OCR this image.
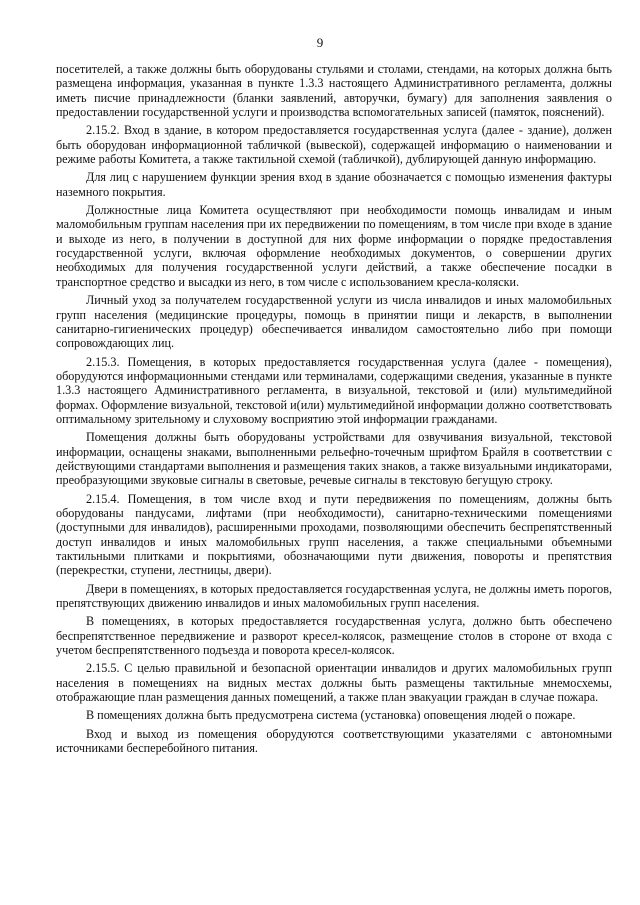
9

посетителей, а также должны быть оборудованы стульями и столами, стендами, на которых должна быть размещена информация, указанная в пункте 1.3.3 настоящего Административного регламента, должны иметь писчие принадлежности (бланки заявлений, авторучки, бумагу) для заполнения заявления о предоставлении государственной услуги и производства вспомогательных записей (памяток, пояснений).

2.15.2. Вход в здание, в котором предоставляется государственная услуга (далее - здание), должен быть оборудован информационной табличкой (вывеской), содержащей информацию о наименовании и режиме работы Комитета, а также тактильной схемой (табличкой), дублирующей данную информацию.

Для лиц с нарушением функции зрения вход в здание обозначается с помощью изменения фактуры наземного покрытия.

Должностные лица Комитета осуществляют при необходимости помощь инвалидам и иным маломобильным группам населения при их передвижении по помещениям, в том числе при входе в здание и выходе из него, в получении в доступной для них форме информации о порядке предоставления государственной услуги, включая оформление необходимых документов, о совершении других необходимых для получения государственной услуги действий, а также обеспечение посадки в транспортное средство и высадки из него, в том числе с использованием кресла-коляски.

Личный уход за получателем государственной услуги из числа инвалидов и иных маломобильных групп населения (медицинские процедуры, помощь в принятии пищи и лекарств, в выполнении санитарно-гигиенических процедур) обеспечивается инвалидом самостоятельно либо при помощи сопровождающих лиц.

2.15.3. Помещения, в которых предоставляется государственная услуга (далее - помещения), оборудуются информационными стендами или терминалами, содержащими сведения, указанные в пункте 1.3.3 настоящего Административного регламента, в визуальной, текстовой и (или) мультимедийной формах. Оформление визуальной, текстовой и(или) мультимедийной информации должно соответствовать оптимальному зрительному и слуховому восприятию этой информации гражданами.

Помещения должны быть оборудованы устройствами для озвучивания визуальной, текстовой информации, оснащены знаками, выполненными рельефно-точечным шрифтом Брайля в соответствии с действующими стандартами выполнения и размещения таких знаков, а также визуальными индикаторами, преобразующими звуковые сигналы в световые, речевые сигналы в текстовую бегущую строку.

2.15.4. Помещения, в том числе вход и пути передвижения по помещениям, должны быть оборудованы пандусами, лифтами (при необходимости), санитарно-техническими помещениями (доступными для инвалидов), расширенными проходами, позволяющими обеспечить беспрепятственный доступ инвалидов и иных маломобильных групп населения, а также специальными объемными тактильными плитками и покрытиями, обозначающими пути движения, повороты и препятствия (перекрестки, ступени, лестницы, двери).

Двери в помещениях, в которых предоставляется государственная услуга, не должны иметь порогов, препятствующих движению инвалидов и иных маломобильных групп населения.

В помещениях, в которых предоставляется государственная услуга, должно быть обеспечено беспрепятственное передвижение и разворот кресел-колясок, размещение столов в стороне от входа с учетом беспрепятственного подъезда и поворота кресел-колясок.

2.15.5. С целью правильной и безопасной ориентации инвалидов и других маломобильных групп населения в помещениях на видных местах должны быть размещены тактильные мнемосхемы, отображающие план размещения данных помещений, а также план эвакуации граждан в случае пожара.

В помещениях должна быть предусмотрена система (установка) оповещения людей о пожаре.

Вход и выход из помещения оборудуются соответствующими указателями с автономными источниками бесперебойного питания.
